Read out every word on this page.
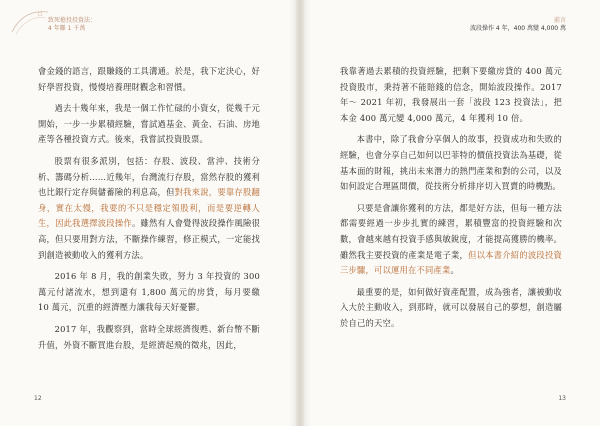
致死搶投投資法：
4 年賺 1 千萬

會金錢的語言，跟賺錢的工具溝通。於是，我下定決心，好好學習投資，慢慢培養理財觀念和習慣。

過去十幾年來，我是一個工作忙碌的小資女，從幾千元開始，一步一步累積經驗，嘗試過基金、黃金、石油、房地產等各種投資方式。後來，我嘗試投資股票。

股票有很多派別，包括：存股、波段、當沖、技術分析、籌碼分析……近幾年，台灣流行存股，當然存股的獲利也比銀行定存與儲蓄險的利息高，但對我來說，要靠存股翻身，實在太慢，我要的不只是穩定領股利，而是要逆轉人生，因此我選擇波段操作。雖然有人會覺得波段操作風險很高，但只要用對方法，不斷操作練習，修正模式，一定能找到創造被動收入的獲利方法。

2016 年 8 月，我的創業失敗，努力 3 年投資的 300 萬元付諸流水，想到還有 1,800 萬元的房貸，每月要繳 10 萬元，沉重的經濟壓力讓我每天好憂鬱。

2017 年，我觀察到，當時全球經濟復甦、新台幣不斷升值，外資不斷買進台股，是經濟起飛的徵兆，因此，

12
前言
波段操作 4 年，400 萬變 4,000 萬

我靠著過去累積的投資經驗，把剩下要繳房貸的 400 萬元投資股市，秉持著不能賠錢的信念，開始波段操作。2017 年～ 2021 年初，我發展出一套「波段 123 投資法」，把本金 400 萬元變 4,000 萬元，4 年獲利 10 倍。

本書中，除了我會分享個人的故事，投資成功和失敗的經驗，也會分享自己如何以巴菲特的價值投資法為基礎，從基本面的財報，挑出未來潛力的熱門產業和對的公司，以及如何設定合理區間價，從技術分析排序切入買賣的時機點。

只要是會讓你獲利的方法，都是好方法，但每一種方法都需要經過一步步扎實的練習，累積豐富的投資經驗和次數，會越來越有投資手感與敏銳度，才能提高獲勝的機率。雖然我主要投資的產業是電子業，但以本書介紹的波段投資三步驟，可以運用在不同產業。

最重要的是，如何做好資產配置，成為強者，讓被動收入大於主動收入，到那時，就可以發展自己的夢想，創造屬於自己的天空。

13
